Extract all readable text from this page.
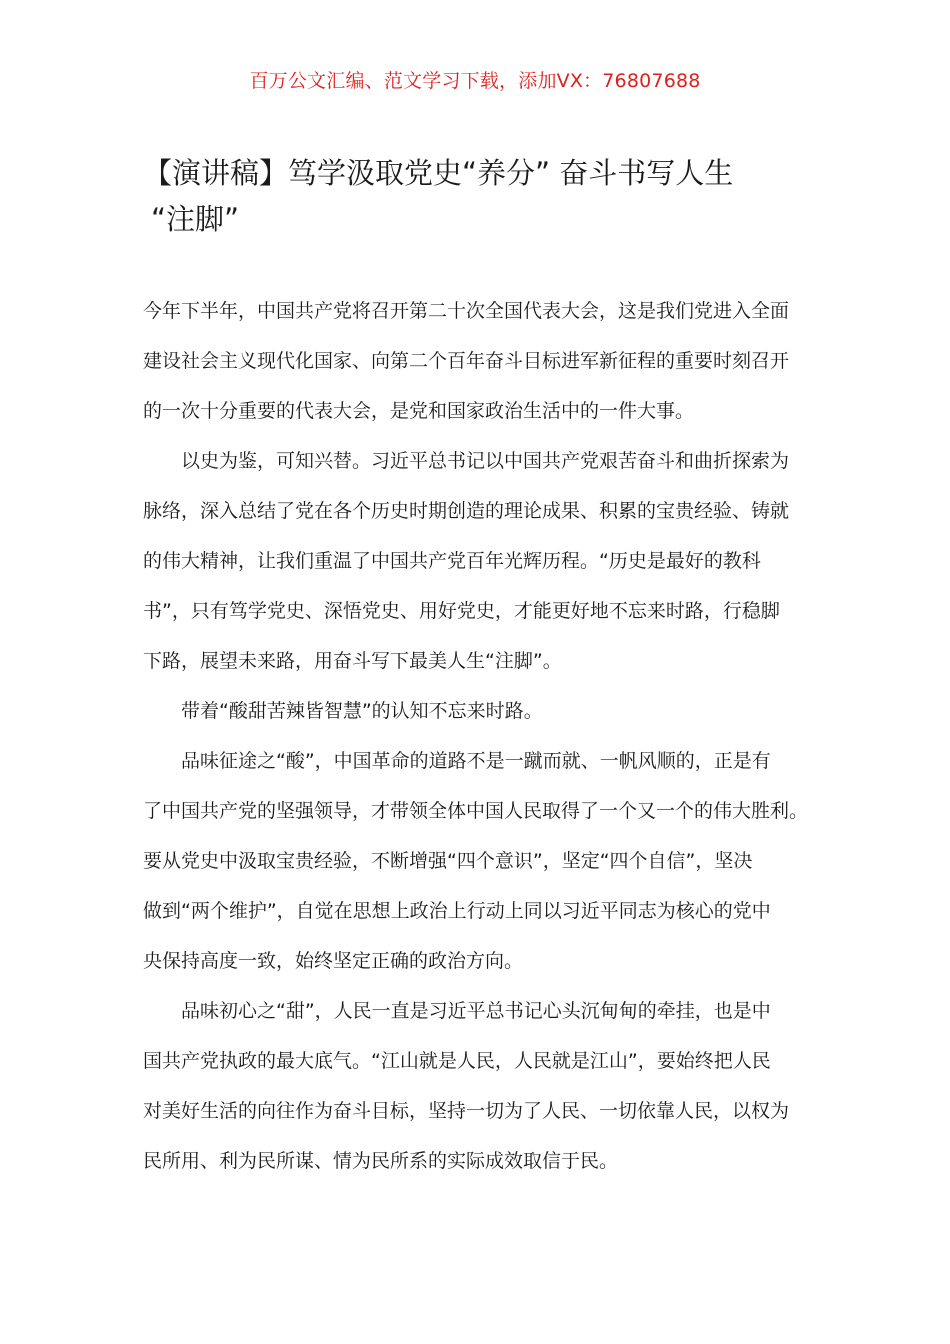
百万公文汇编、范文学习下载，添加VX：76807688
【演讲稿】笃学汲取党史“养分” 奋斗书写人生
“注脚”

今年下半年，中国共产党将召开第二十次全国代表大会，这是我们党进入全面
建设社会主义现代化国家、向第二个百年奋斗目标进军新征程的重要时刻召开
的一次十分重要的代表大会，是党和国家政治生活中的一件大事。

以史为鉴，可知兴替。习近平总书记以中国共产党艰苦奋斗和曲折探索为
脉络，深入总结了党在各个历史时期创造的理论成果、积累的宝贵经验、铸就
的伟大精神，让我们重温了中国共产党百年光辉历程。“历史是最好的教科
书”，只有笃学党史、深悟党史、用好党史，才能更好地不忘来时路，行稳脚
下路，展望未来路，用奋斗写下最美人生“注脚”。

带着“酸甜苦辣皆智慧”的认知不忘来时路。

品味征途之“酸”，中国革命的道路不是一蹴而就、一帆风顺的，正是有
了中国共产党的坚强领导，才带领全体中国人民取得了一个又一个的伟大胜利。
要从党史中汲取宝贵经验，不断增强“四个意识”，坚定“四个自信”，坚决
做到“两个维护”，自觉在思想上政治上行动上同以习近平同志为核心的党中
央保持高度一致，始终坚定正确的政治方向。

品味初心之“甜”，人民一直是习近平总书记心头沉甸甸的牵挂，也是中
国共产党执政的最大底气。“江山就是人民，人民就是江山”，要始终把人民
对美好生活的向往作为奋斗目标，坚持一切为了人民、一切依靠人民，以权为
民所用、利为民所谋、情为民所系的实际成效取信于民。
